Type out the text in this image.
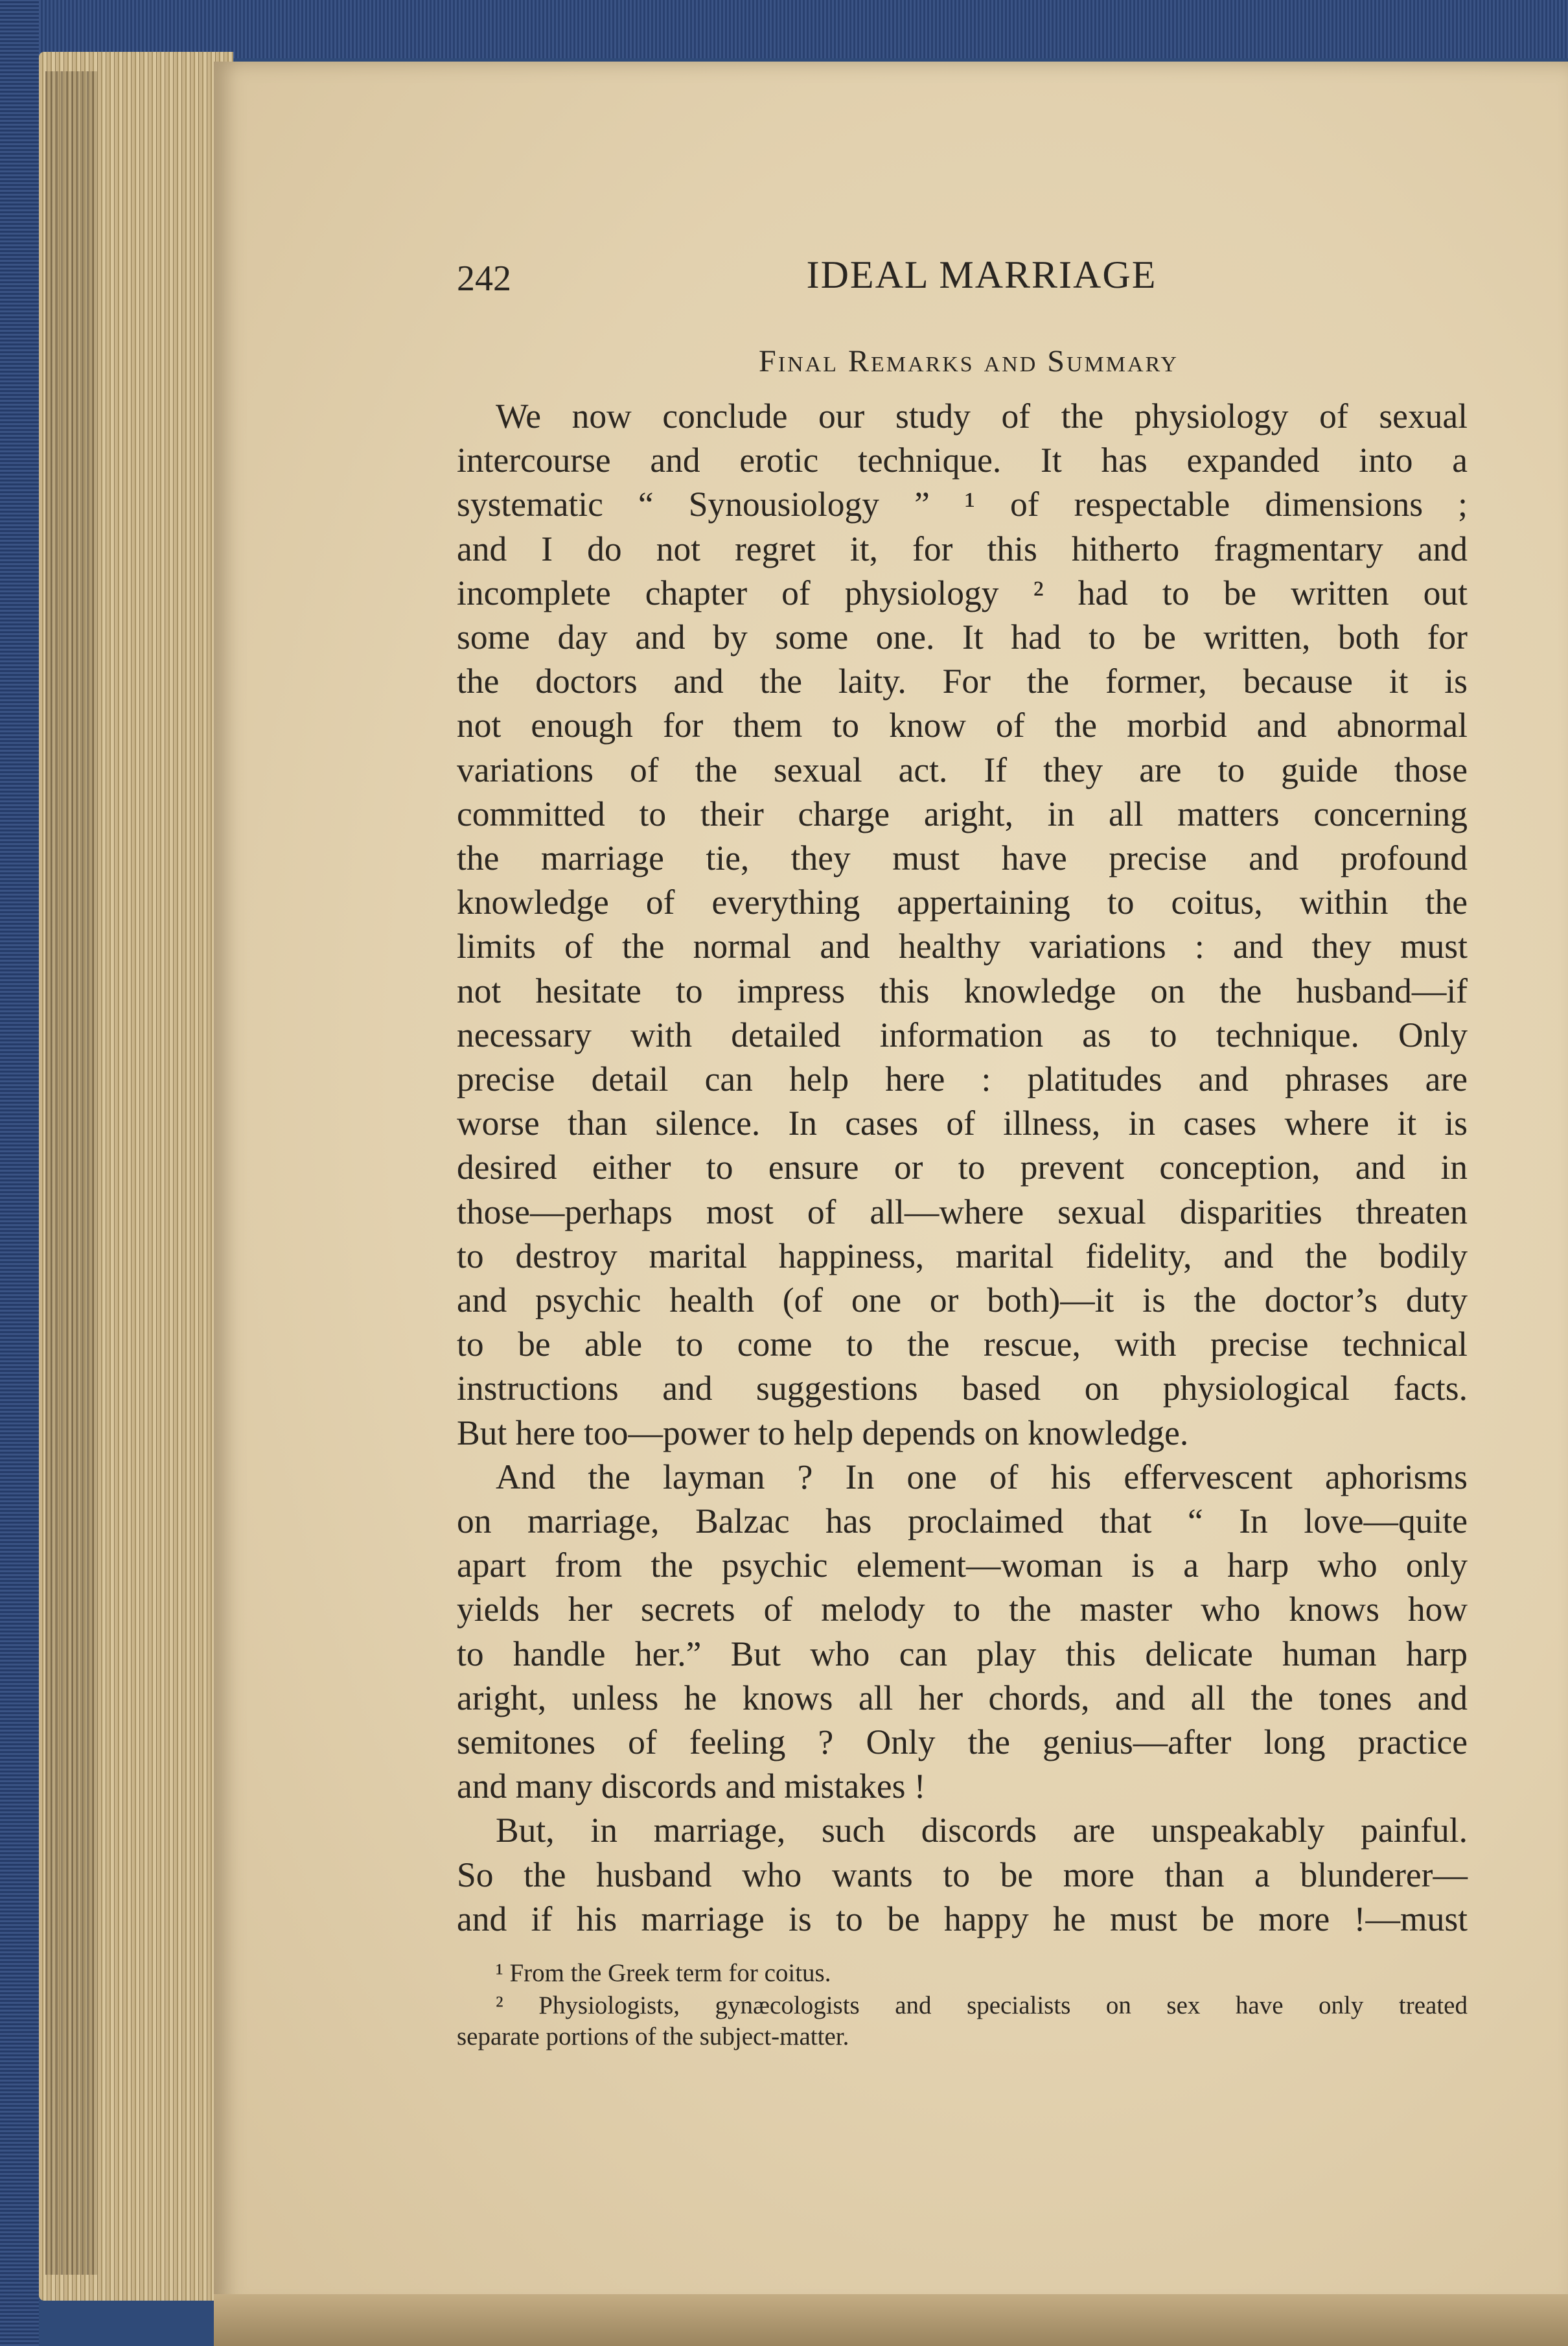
242	IDEAL MARRIAGE
Final Remarks and Summary
We now conclude our study of the physiology of sexual
intercourse and erotic technique. It has expanded into a
systematic “ Synousiology ” ¹ of respectable dimensions ;
and I do not regret it, for this hitherto fragmentary and
incomplete chapter of physiology ² had to be written out
some day and by some one. It had to be written, both for
the doctors and the laity. For the former, because it is
not enough for them to know of the morbid and abnormal
variations of the sexual act. If they are to guide those
committed to their charge aright, in all matters concerning
the marriage tie, they must have precise and profound
knowledge of everything appertaining to coitus, within the
limits of the normal and healthy variations : and they must
not hesitate to impress this knowledge on the husband—if
necessary with detailed information as to technique. Only
precise detail can help here : platitudes and phrases are
worse than silence. In cases of illness, in cases where it is
desired either to ensure or to prevent conception, and in
those—perhaps most of all—where sexual disparities threaten
to destroy marital happiness, marital fidelity, and the bodily
and psychic health (of one or both)—it is the doctor’s duty
to be able to come to the rescue, with precise technical
instructions and suggestions based on physiological facts.
But here too—power to help depends on knowledge.
And the layman ? In one of his effervescent aphorisms
on marriage, Balzac has proclaimed that “ In love—quite
apart from the psychic element—woman is a harp who only
yields her secrets of melody to the master who knows how
to handle her.” But who can play this delicate human harp
aright, unless he knows all her chords, and all the tones and
semitones of feeling ? Only the genius—after long practice
and many discords and mistakes !
But, in marriage, such discords are unspeakably painful.
So the husband who wants to be more than a blunderer—
and if his marriage is to be happy he must be more !—must
¹ From the Greek term for coitus.
² Physiologists, gynæcologists and specialists on sex have only treated
separate portions of the subject-matter.
